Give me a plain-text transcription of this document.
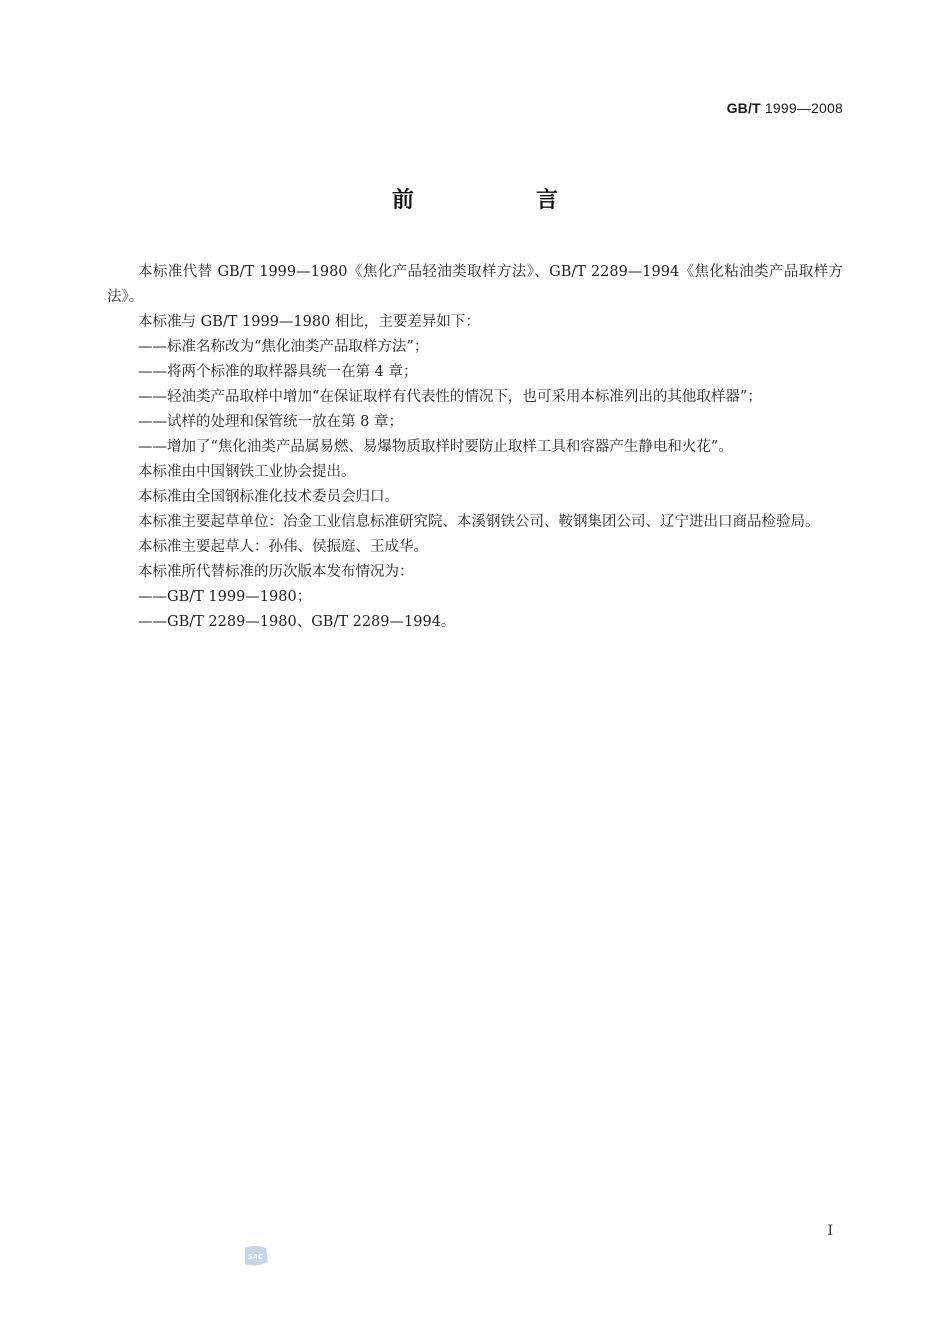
GB/T 1999—2008
前　言

本标准代替 GB/T 1999—1980《焦化产品轻油类取样方法》、GB/T 2289—1994《焦化粘油类产品取样方法》。

本标准与 GB/T 1999—1980 相比，主要差异如下：

——标准名称改为“焦化油类产品取样方法”；

——将两个标准的取样器具统一在第 4 章；

——轻油类产品取样中增加“在保证取样有代表性的情况下，也可采用本标准列出的其他取样器”；

——试样的处理和保管统一放在第 8 章；

——增加了“焦化油类产品属易燃、易爆物质取样时要防止取样工具和容器产生静电和火花”。

本标准由中国钢铁工业协会提出。

本标准由全国钢标准化技术委员会归口。

本标准主要起草单位：冶金工业信息标准研究院、本溪钢铁公司、鞍钢集团公司、辽宁进出口商品检验局。

本标准主要起草人：孙伟、侯振庭、王成华。

本标准所代替标准的历次版本发布情况为：

——GB/T 1999—1980；

——GB/T 2289—1980、GB/T 2289—1994。

I
SAC
